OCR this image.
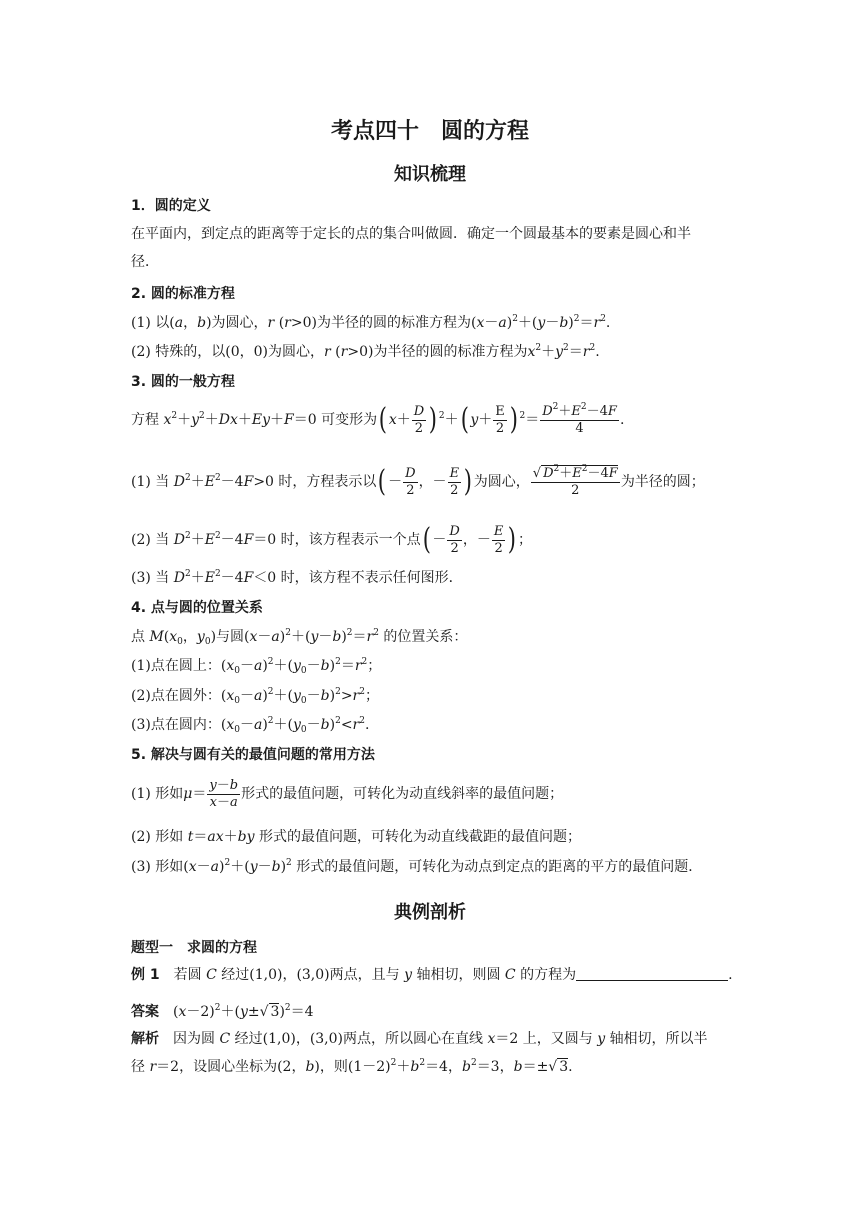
考点四十　圆的方程
知识梳理
1．圆的定义
在平面内，到定点的距离等于定长的点的集合叫做圆．确定一个圆最基本的要素是圆心和半
径．
2. 圆的标准方程
(1) 以(a，b)为圆心，r (r>0)为半径的圆的标准方程为$(x-a)^2+(y-b)^2=r^2$.
(2) 特殊的，以(0，0)为圆心，r (r>0)为半径的圆的标准方程为$x^2+y^2=r^2$.
3. 圆的一般方程
方程 $x^2+y^2+Dx+Ey+F=0$ 可变形为( $x+ \frac{D}{2}$ ) $^2$＋( $y+ \frac{E}{2}$ ) $^2= \frac{D^2+E^2-4F}{4}$ .
(1) 当 $D^2+E^2-4F>0$ 时，方程表示以( － $\frac{D}{2}$ ，－ $\frac{E}{2}$ ) 为圆心， $\frac{√ D^2+E^2-4F}{2}$ 为半径的圆；
(2) 当 $D^2+E^2-4F=0$ 时，该方程表示一个点( － $\frac{D}{2}$ ，－ $\frac{E}{2}$ ) ；
(3) 当 $D^2+E^2-4F<0$ 时，该方程不表示任何图形．
4. 点与圆的位置关系
点 $M(x_0$，$y_0$)与圆$(x-a)^2+(y-b)^2=r^2$ 的位置关系：
(1)点在圆上：$(x_0-a)^2+(y_0-b)^2=r^2$；
(2)点在圆外：$(x_0-a)^2+(y_0-b)^2>r^2$；
(3)点在圆内：$(x_0-a)^2+(y_0-b)^2<r^2$.
5. 解决与圆有关的最值问题的常用方法
(1) 形如$\mu= \frac{y-b}{x-a}$ 形式的最值问题，可转化为动直线斜率的最值问题；
(2) 形如 t＝ax＋by 形式的最值问题，可转化为动直线截距的最值问题；
(3) 形如$(x-a)^2+(y-b)^2$ 形式的最值问题，可转化为动点到定点的距离的平方的最值问题．
典例剖析
题型一　求圆的方程
例 1　 若圆 C 经过(1,0)，(3,0)两点，且与 y 轴相切，则圆 C 的方程为	.
答案　$(x-2)^2+(y\pm√$ 3)$^2$＝4
解析　 因为圆 C 经过(1,0)，(3,0)两点，所以圆心在直线 x＝2 上，又圆与 y 轴相切，所以半
径 r＝2，设圆心坐标为(2，b)，则$(1-2)^2+b^2=4$，$b^2=3$，b＝±√ 3.
